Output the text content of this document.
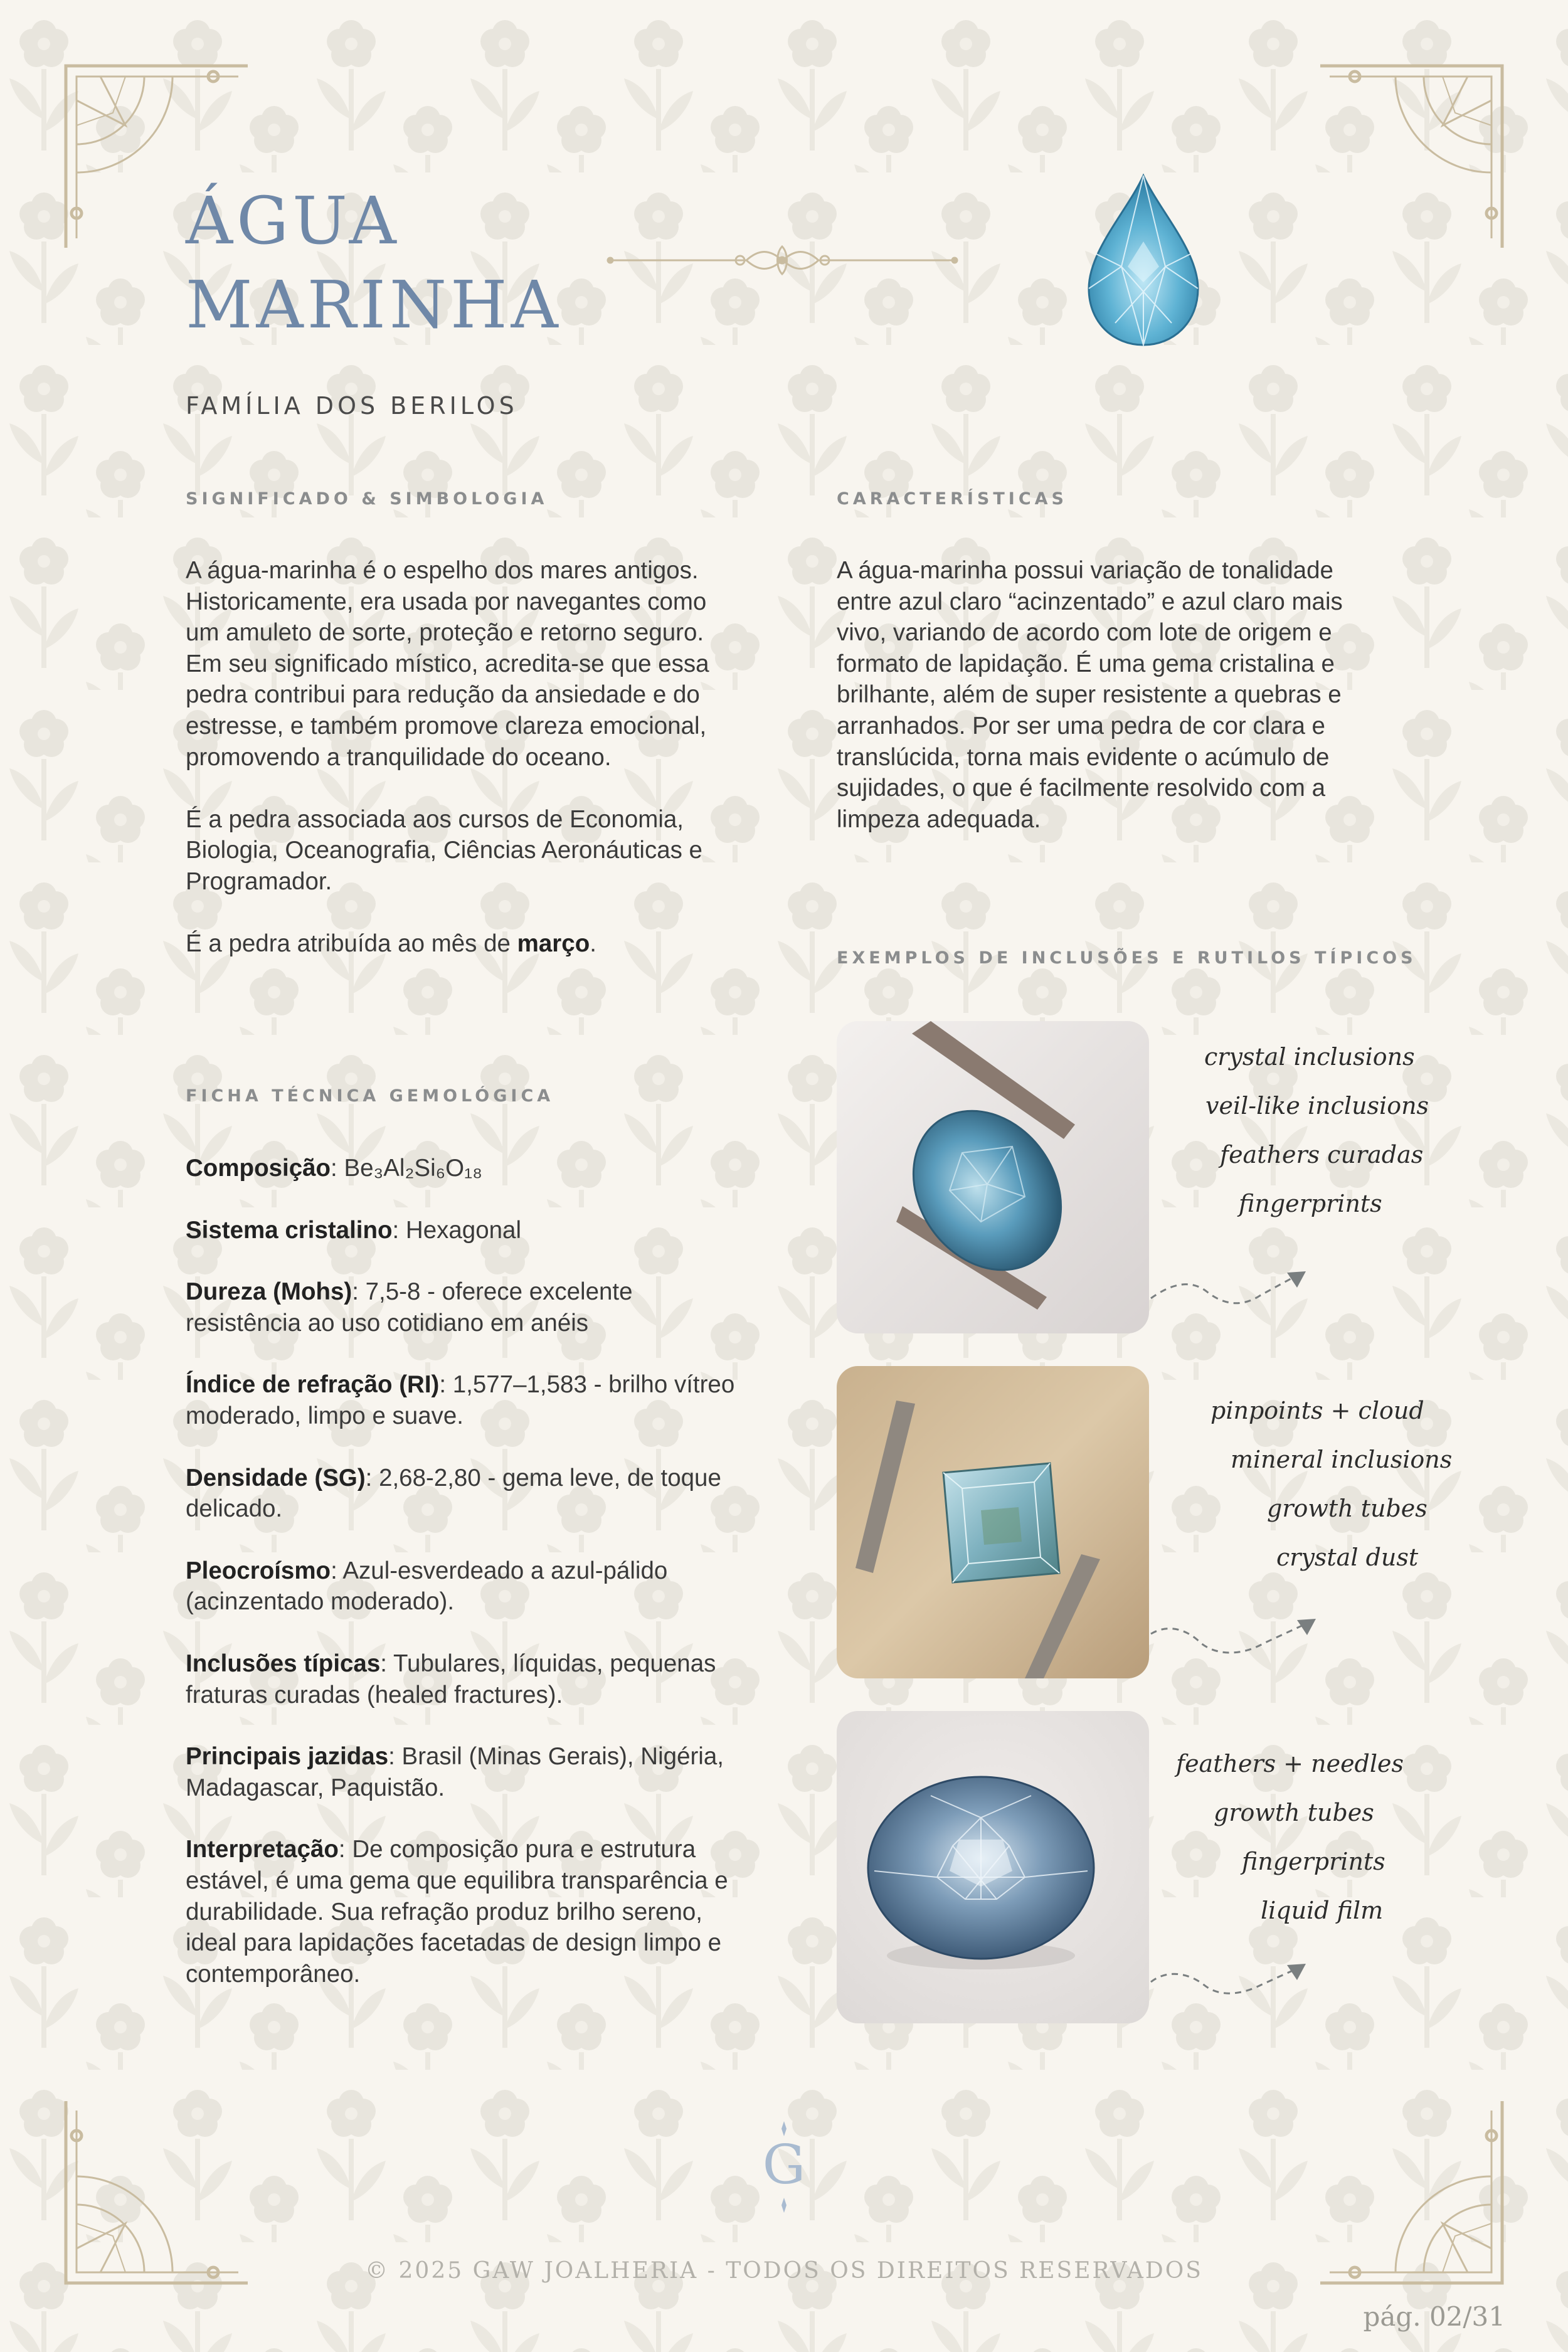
ÁGUA
MARINHA

FAMÍLIA DOS BERILOS

SIGNIFICADO & SIMBOLOGIA

A água-marinha é o espelho dos mares antigos. Historicamente, era usada por navegantes como um amuleto de sorte, proteção e retorno seguro. Em seu significado místico, acredita-se que essa pedra contribui para redução da ansiedade e do estresse, e também promove clareza emocional, promovendo a tranquilidade do oceano.

É a pedra associada aos cursos de Economia, Biologia, Oceanografia, Ciências Aeronáuticas e Programador.

É a pedra atribuída ao mês de março.

FICHA TÉCNICA GEMOLÓGICA

Composição: Be₃Al₂Si₆O₁₈

Sistema cristalino: Hexagonal

Dureza (Mohs): 7,5-8 - oferece excelente resistência ao uso cotidiano em anéis

Índice de refração (RI): 1,577–1,583 - brilho vítreo moderado, limpo e suave.

Densidade (SG): 2,68-2,80 - gema leve, de toque delicado.

Pleocroísmo: Azul-esverdeado a azul-pálido (acinzentado moderado).

Inclusões típicas: Tubulares, líquidas, pequenas fraturas curadas (healed fractures).

Principais jazidas: Brasil (Minas Gerais), Nigéria, Madagascar, Paquistão.

Interpretação: De composição pura e estrutura estável, é uma gema que equilibra transparência e durabilidade. Sua refração produz brilho sereno, ideal para lapidações facetadas de design limpo e contemporâneo.

CARACTERÍSTICAS

A água-marinha possui variação de tonalidade entre azul claro “acinzentado” e azul claro mais vivo, variando de acordo com lote de origem e formato de lapidação. É uma gema cristalina e brilhante, além de super resistente a quebras e arranhados. Por ser uma pedra de cor clara e translúcida, torna mais evidente o acúmulo de sujidades, o que é facilmente resolvido com a limpeza adequada.

EXEMPLOS DE INCLUSÕES E RUTILOS TÍPICOS

crystal inclusions
veil-like inclusions
feathers curadas
fingerprints
pinpoints + cloud
mineral inclusions
growth tubes
crystal dust
feathers + needles
growth tubes
fingerprints
liquid film
G

© 2025 GAW JOALHERIA - TODOS OS DIREITOS RESERVADOS

pág. 02/31
